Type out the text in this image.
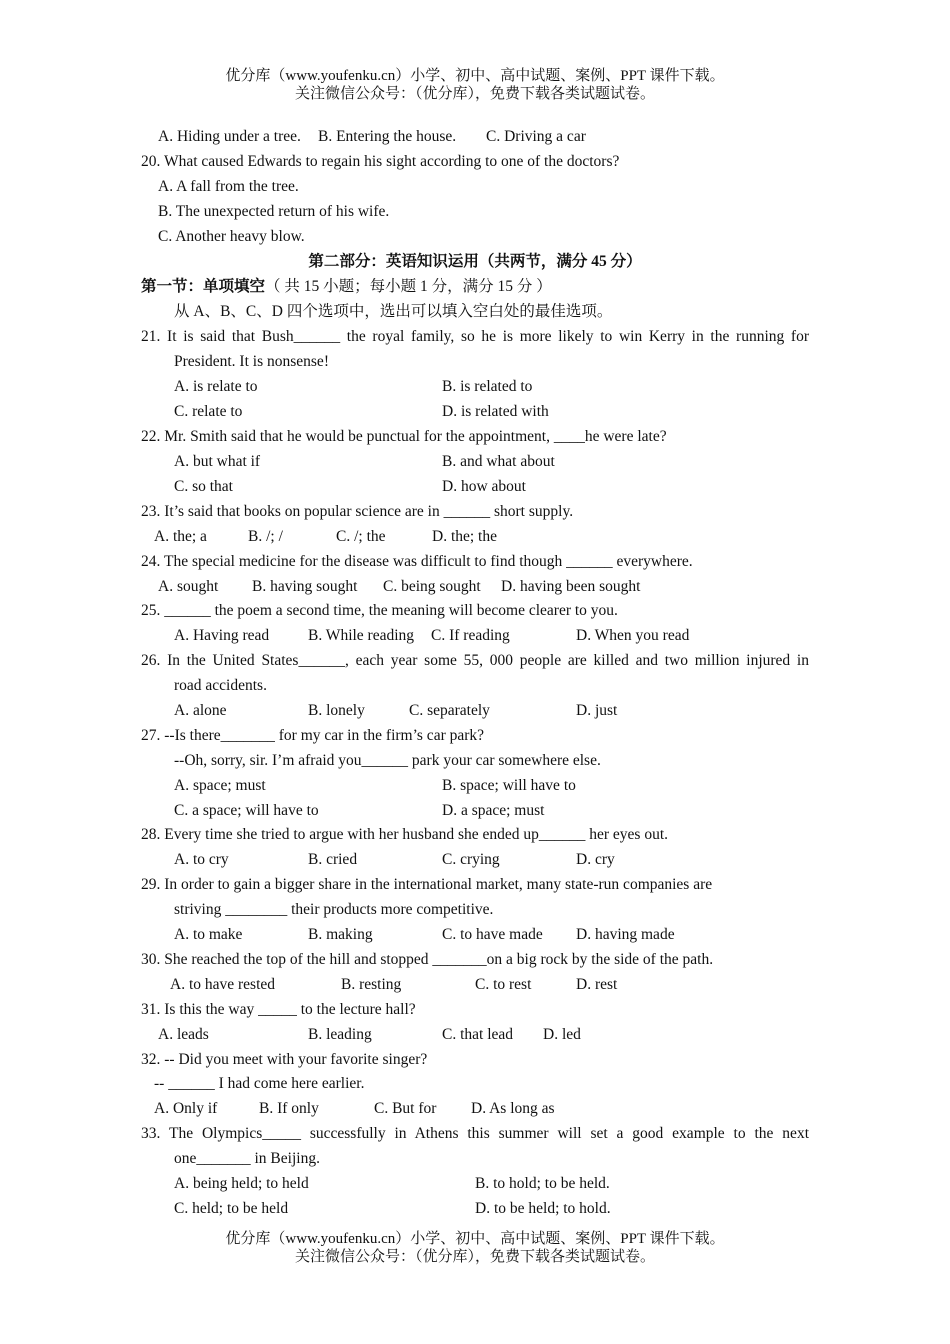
优分库（www.youfenku.cn）小学、初中、高中试题、案例、PPT 课件下载。
关注微信公众号：（优分库），免费下载各类试题试卷。
A. Hiding under a tree. B. Entering the house. C. Driving a car
20. What caused Edwards to regain his sight according to one of the doctors?
A. A fall from the tree.
B. The unexpected return of his wife.
C. Another heavy blow.
第二部分：英语知识运用（共两节，满分 45 分）
第一节：单项填空（ 共 15 小题；每小题 1 分，满分 15 分 ）
从 A、B、C、D 四个选项中，选出可以填入空白处的最佳选项。
21. It is said that Bush______ the royal family, so he is more likely to win Kerry in the running for
President. It is nonsense!
A. is relate to	B. is related to
C. relate to	D. is related with
22. Mr. Smith said that he would be punctual for the appointment, ____he were late?
A. but what if	B. and what about
C. so that	D. how about
23. It’s said that books on popular science are in ______ short supply.
A. the; a	B. /; /	C. /; the	D. the; the
24. The special medicine for the disease was difficult to find though ______ everywhere.
A. sought B. having sought C. being sought D. having been sought
25. ______ the poem a second time, the meaning will become clearer to you.
A. Having read	B. While reading C. If reading	D. When you read
26. In the United States______, each year some 55, 000 people are killed and two million injured in
road accidents.
A. alone	B. lonely	C. separately	D. just
27. --Is there_______ for my car in the firm’s car park?
--Oh, sorry, sir. I’m afraid you______ park your car somewhere else.
A. space; must	B. space; will have to
C. a space; will have to	D. a space; must
28. Every time she tried to argue with her husband she ended up______ her eyes out.
A. to cry	B. cried	C. crying	D. cry
29. In order to gain a bigger share in the international market, many state-run companies are
striving ________ their products more competitive.
A. to make	B. making	C. to have made D. having made
30. She reached the top of the hill and stopped _______on a big rock by the side of the path.
A. to have rested	B. resting	C. to rest	D. rest
31. Is this the way _____ to the lecture hall?
A. leads	B. leading	C. that lead D. led
32. -- Did you meet with your favorite singer?
-- ______ I had come here earlier.
A. Only if	B. If only	C. But for D. As long as
33. The Olympics_____ successfully in Athens this summer will set a good example to the next
one_______ in Beijing.
A. being held; to held	B. to hold; to be held.
C. held; to be held	D. to be held; to hold.
优分库（www.youfenku.cn）小学、初中、高中试题、案例、PPT 课件下载。
关注微信公众号：（优分库），免费下载各类试题试卷。
